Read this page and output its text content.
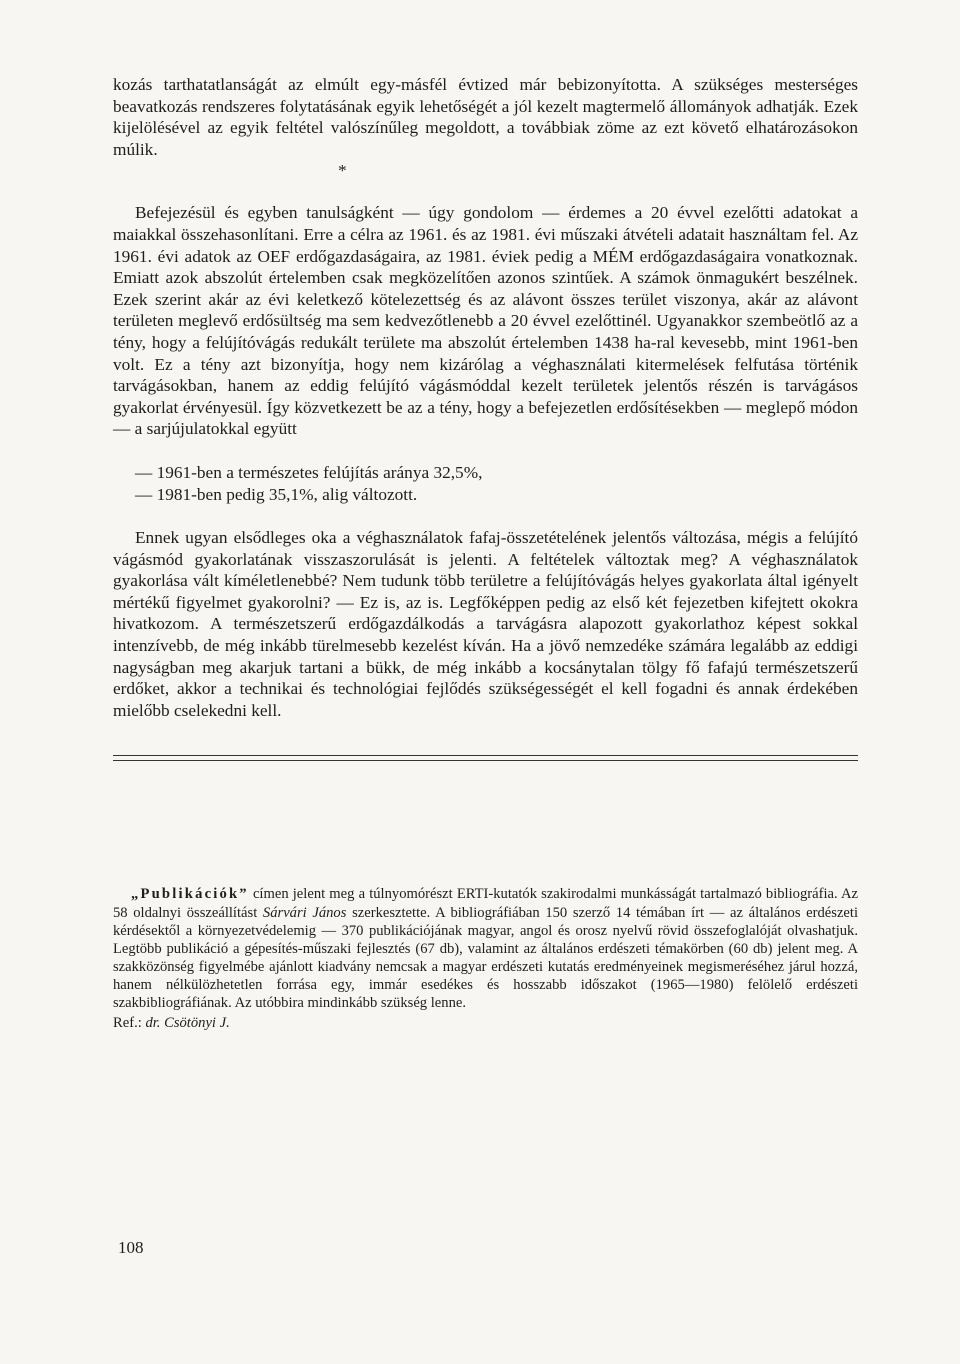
kozás tarthatatlanságát az elmúlt egy-másfél évtized már bebizonyította. A szükséges mesterséges beavatkozás rendszeres folytatásának egyik lehetőségét a jól kezelt magtermelő állományok adhatják. Ezek kijelölésével az egyik feltétel valószínűleg megoldott, a továbbiak zöme az ezt követő elhatározásokon múlik.

*

Befejezésül és egyben tanulságként — úgy gondolom — érdemes a 20 évvel ezelőtti adatokat a maiakkal összehasonlítani. Erre a célra az 1961. és az 1981. évi műszaki átvételi adatait használtam fel. Az 1961. évi adatok az OEF erdőgazdaságaira, az 1981. éviek pedig a MÉM erdőgazdaságaira vonatkoznak. Emiatt azok abszolút értelemben csak megközelítően azonos szintűek. A számok önmagukért beszélnek. Ezek szerint akár az évi keletkező kötelezettség és az alávont összes terület viszonya, akár az alávont területen meglevő erdősültség ma sem kedvezőtlenebb a 20 évvel ezelőttinél. Ugyanakkor szembeötlő az a tény, hogy a felújítóvágás redukált területe ma abszolút értelemben 1438 ha-ral kevesebb, mint 1961-ben volt. Ez a tény azt bizonyítja, hogy nem kizárólag a véghasználati kitermelések felfutása történik tarvágásokban, hanem az eddig felújító vágásmóddal kezelt területek jelentős részén is tarvágásos gyakorlat érvényesül. Így közvetkezett be az a tény, hogy a befejezetlen erdősítésekben — meglepő módon — a sarjújulatokkal együtt

— 1961-ben a természetes felújítás aránya 32,5%,

— 1981-ben pedig 35,1%, alig változott.

Ennek ugyan elsődleges oka a véghasználatok fafaj-összetételének jelentős változása, mégis a felújító vágásmód gyakorlatának visszaszorulását is jelenti. A feltételek változtak meg? A véghasználatok gyakorlása vált kíméletlenebbé? Nem tudunk több területre a felújítóvágás helyes gyakorlata által igényelt mértékű figyelmet gyakorolni? — Ez is, az is. Legfőképpen pedig az első két fejezetben kifejtett okokra hivatkozom. A természetszerű erdőgazdálkodás a tarvágásra alapozott gyakorlathoz képest sokkal intenzívebb, de még inkább türelmesebb kezelést kíván. Ha a jövő nemzedéke számára legalább az eddigi nagyságban meg akarjuk tartani a bükk, de még inkább a kocsánytalan tölgy fő fafajú természetszerű erdőket, akkor a technikai és technológiai fejlődés szükségességét el kell fogadni és annak érdekében mielőbb cselekedni kell.

„Publikációk” címen jelent meg a túlnyomórészt ERTI-kutatók szakirodalmi munkásságát tartalmazó bibliográfia. Az 58 oldalnyi összeállítást Sárvári János szerkesztette. A bibliográfiában 150 szerző 14 témában írt — az általános erdészeti kérdésektől a környezetvédelemig — 370 publikációjának magyar, angol és orosz nyelvű rövid összefoglalóját olvashatjuk. Legtöbb publikáció a gépesítés-műszaki fejlesztés (67 db), valamint az általános erdészeti témakörben (60 db) jelent meg. A szakközönség figyelmébe ajánlott kiadvány nemcsak a magyar erdészeti kutatás eredményeinek megismeréséhez járul hozzá, hanem nélkülözhetetlen forrása egy, immár esedékes és hosszabb időszakot (1965—1980) felölelő erdészeti szakbibliográfiának. Az utóbbira mindinkább szükség lenne.

Ref.: dr. Csötönyi J.

108
